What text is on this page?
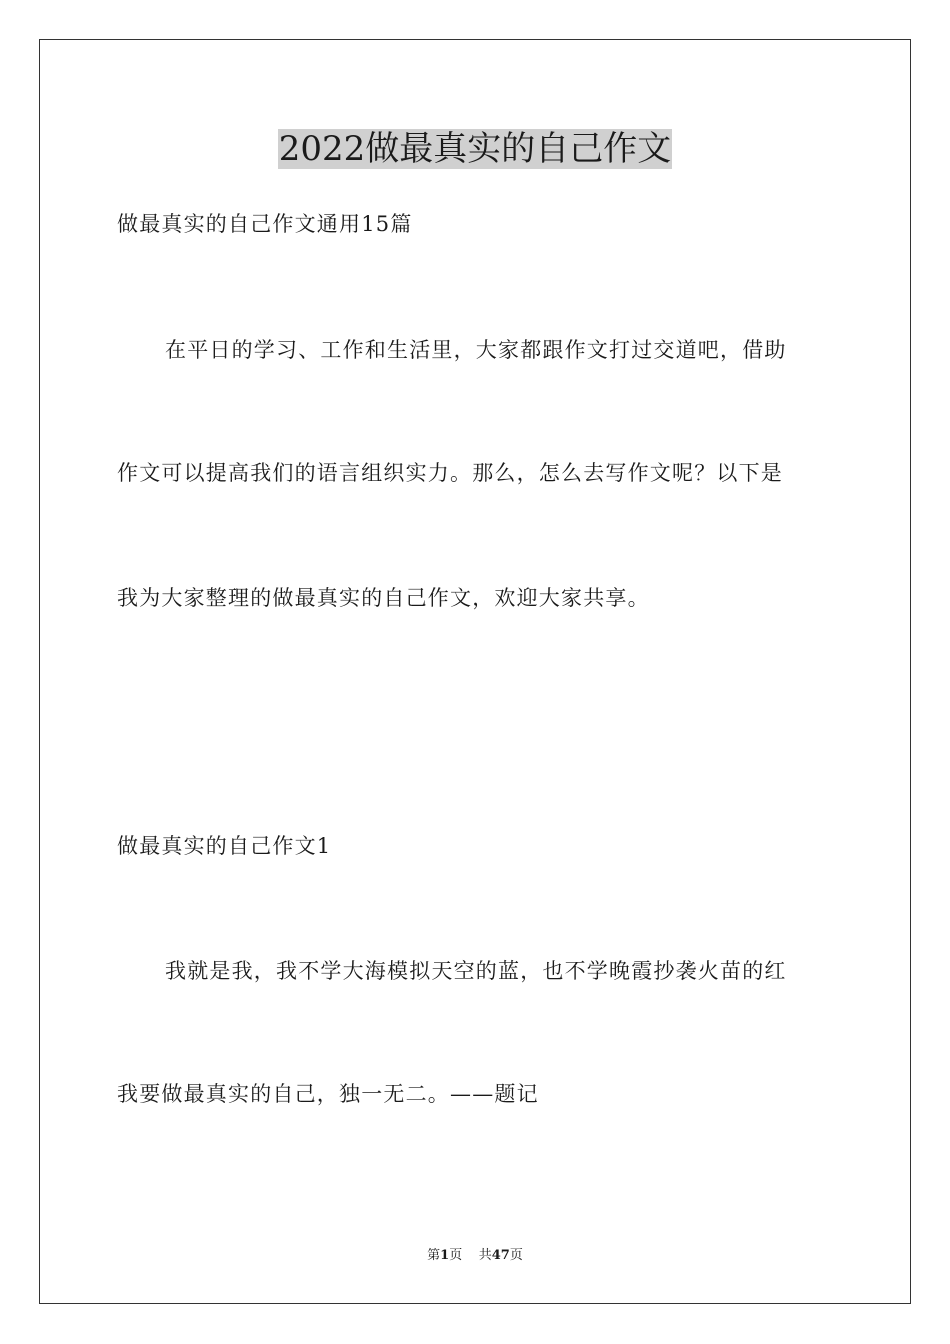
2022做最真实的自己作文

做最真实的自己作文通用15篇

在平日的学习、工作和生活里，大家都跟作文打过交道吧，借助

作文可以提高我们的语言组织实力。那么，怎么去写作文呢？以下是

我为大家整理的做最真实的自己作文，欢迎大家共享。

做最真实的自己作文1

我就是我，我不学大海模拟天空的蓝，也不学晚霞抄袭火苗的红

我要做最真实的自己，独一无二。——题记

第1页 共47页
